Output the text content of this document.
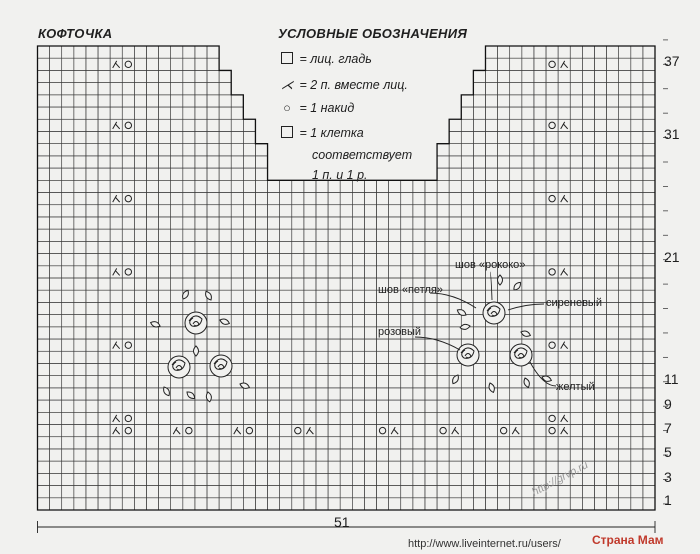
КОФТОЧКА	УСЛОВНЫЕ ОБОЗНАЧЕНИЯ
= лиц. гладь
⋌ = 2 п. вместе лиц.
○ = 1 накид
= 1 клетка
соответствует
1 п. и 1 р.
37
31
21
11
9
7
5
3
1
51
шов «рококо»
шов «петля»
сиреневый
розовый
желтый
http://www.liveinternet.ru/users/	Страна Мам
http://grvp.ru
